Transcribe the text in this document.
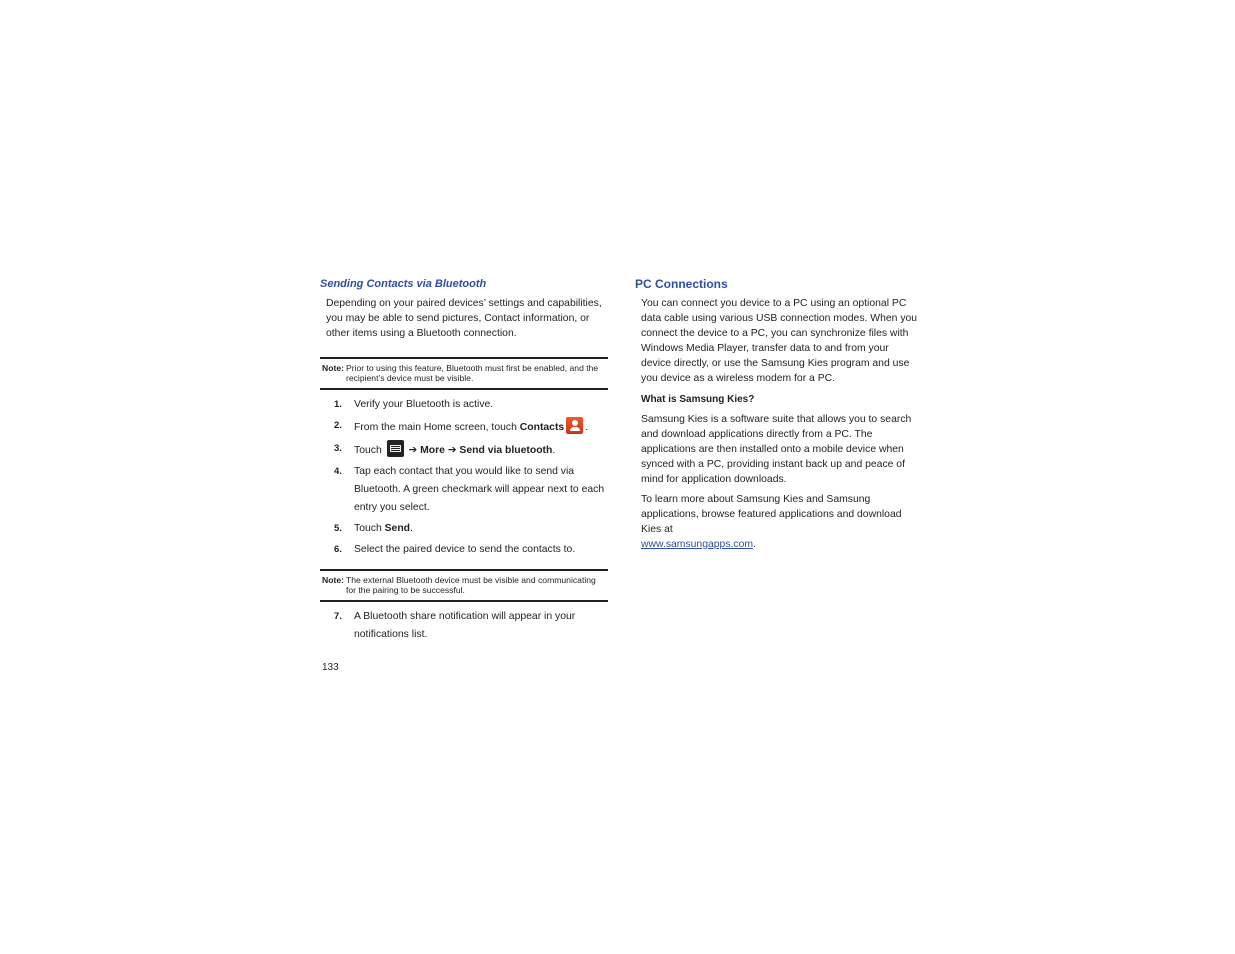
Sending Contacts via Bluetooth

Depending on your paired devices’ settings and capabilities, you may be able to send pictures, Contact information, or other items using a Bluetooth connection.

Note: Prior to using this feature, Bluetooth must first be enabled, and the recipient’s device must be visible.
1.	Verify your Bluetooth is active.
2.	From the main Home screen, touch Contacts .
3.	Touch  ➔ More ➔ Send via bluetooth.
4.	Tap each contact that you would like to send via Bluetooth. A green checkmark will appear next to each entry you select.
5.	Touch Send.
6.	Select the paired device to send the contacts to.
Note: The external Bluetooth device must be visible and communicating for the pairing to be successful.
7.	A Bluetooth share notification will appear in your notifications list.
PC Connections

You can connect you device to a PC using an optional PC data cable using various USB connection modes. When you connect the device to a PC, you can synchronize files with Windows Media Player, transfer data to and from your device directly, or use the Samsung Kies program and use you device as a wireless modem for a PC.

What is Samsung Kies?

Samsung Kies is a software suite that allows you to search and download applications directly from a PC. The applications are then installed onto a mobile device when synced with a PC, providing instant back up and peace of mind for application downloads.

To learn more about Samsung Kies and Samsung applications, browse featured applications and download Kies at
www.samsungapps.com.

133
